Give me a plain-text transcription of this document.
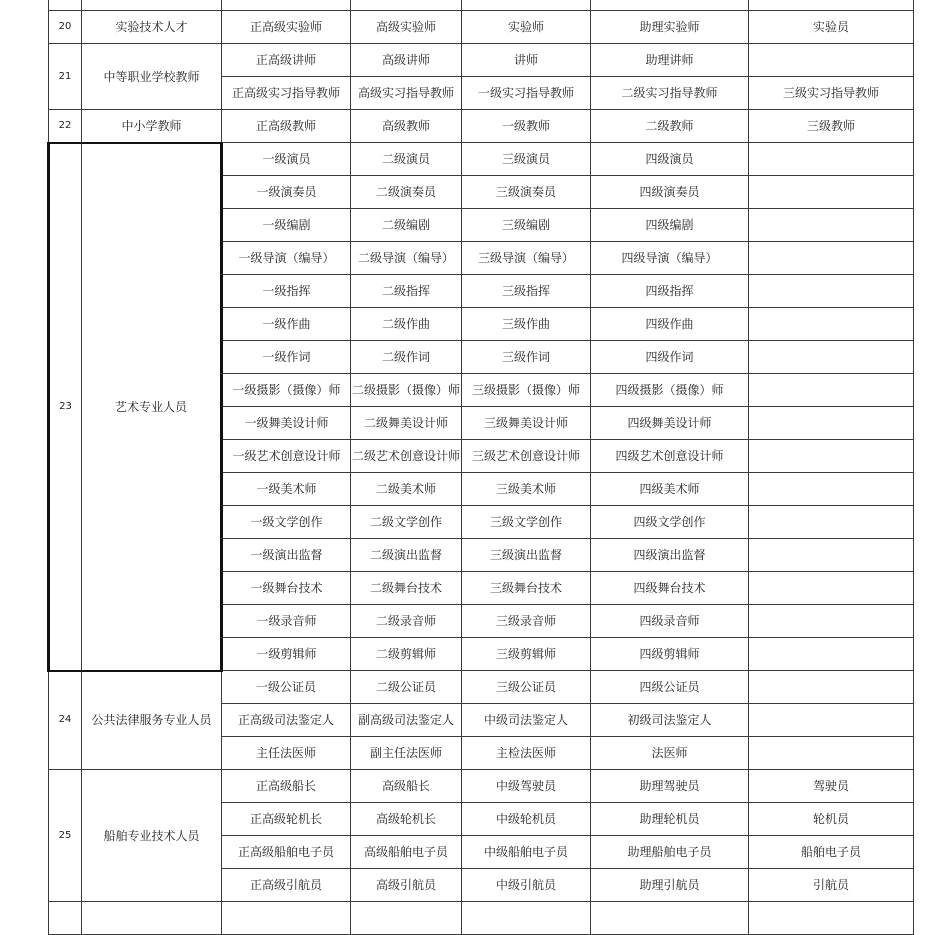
20	实验技术人才	正高级实验师	高级实验师	实验师	助理实验师	实验员
21	中等职业学校教师	正高级讲师	高级讲师	讲师	助理讲师	
		正高级实习指导教师	高级实习指导教师	一级实习指导教师	二级实习指导教师	三级实习指导教师
22	中小学教师	正高级教师	高级教师	一级教师	二级教师	三级教师
23	艺术专业人员	一级演员	二级演员	三级演员	四级演员	
		一级演奏员	二级演奏员	三级演奏员	四级演奏员	
		一级编剧	二级编剧	三级编剧	四级编剧	
		一级导演（编导）	二级导演（编导）	三级导演（编导）	四级导演（编导）	
		一级指挥	二级指挥	三级指挥	四级指挥	
		一级作曲	二级作曲	三级作曲	四级作曲	
		一级作词	二级作词	三级作词	四级作词	
		一级摄影（摄像）师	二级摄影（摄像）师	三级摄影（摄像）师	四级摄影（摄像）师	
		一级舞美设计师	二级舞美设计师	三级舞美设计师	四级舞美设计师	
		一级艺术创意设计师	二级艺术创意设计师	三级艺术创意设计师	四级艺术创意设计师	
		一级美术师	二级美术师	三级美术师	四级美术师	
		一级文学创作	二级文学创作	三级文学创作	四级文学创作	
		一级演出监督	二级演出监督	三级演出监督	四级演出监督	
		一级舞台技术	二级舞台技术	三级舞台技术	四级舞台技术	
		一级录音师	二级录音师	三级录音师	四级录音师	
		一级剪辑师	二级剪辑师	三级剪辑师	四级剪辑师	
24	公共法律服务专业人员	一级公证员	二级公证员	三级公证员	四级公证员	
		正高级司法鉴定人	副高级司法鉴定人	中级司法鉴定人	初级司法鉴定人	
		主任法医师	副主任法医师	主检法医师	法医师	
25	船舶专业技术人员	正高级船长	高级船长	中级驾驶员	助理驾驶员	驾驶员
		正高级轮机长	高级轮机长	中级轮机员	助理轮机员	轮机员
		正高级船舶电子员	高级船舶电子员	中级船舶电子员	助理船舶电子员	船舶电子员
		正高级引航员	高级引航员	中级引航员	助理引航员	引航员
